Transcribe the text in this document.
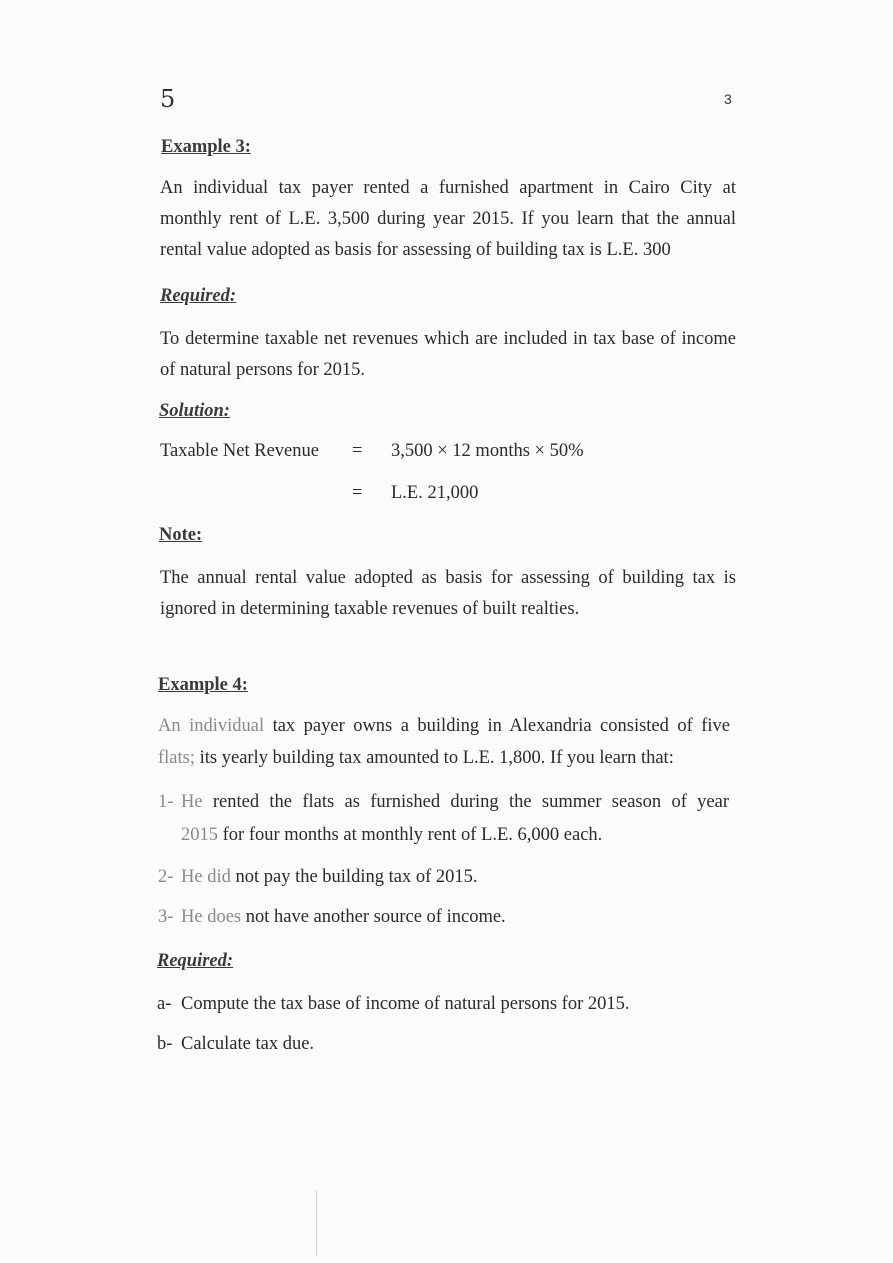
5	3
Example 3:
An individual tax payer rented a furnished apartment in Cairo City at monthly rent of L.E. 3,500 during year 2015. If you learn that the annual rental value adopted as basis for assessing of building tax is L.E. 300
Required:
To determine taxable net revenues which are included in tax base of income of natural persons for 2015.
Solution:
Taxable Net Revenue = 3,500 × 12 months × 50%
= L.E. 21,000
Note:
The annual rental value adopted as basis for assessing of building tax is ignored in determining taxable revenues of built realties.
Example 4:
An individual tax payer owns a building in Alexandria consisted of five
flats; its yearly building tax amounted to L.E. 1,800. If you learn that:
1- He rented the flats as furnished during the summer season of year
2015 for four months at monthly rent of L.E. 6,000 each.
2- He did not pay the building tax of 2015.
3- He does not have another source of income.
Required:
a- Compute the tax base of income of natural persons for 2015.
b- Calculate tax due.
